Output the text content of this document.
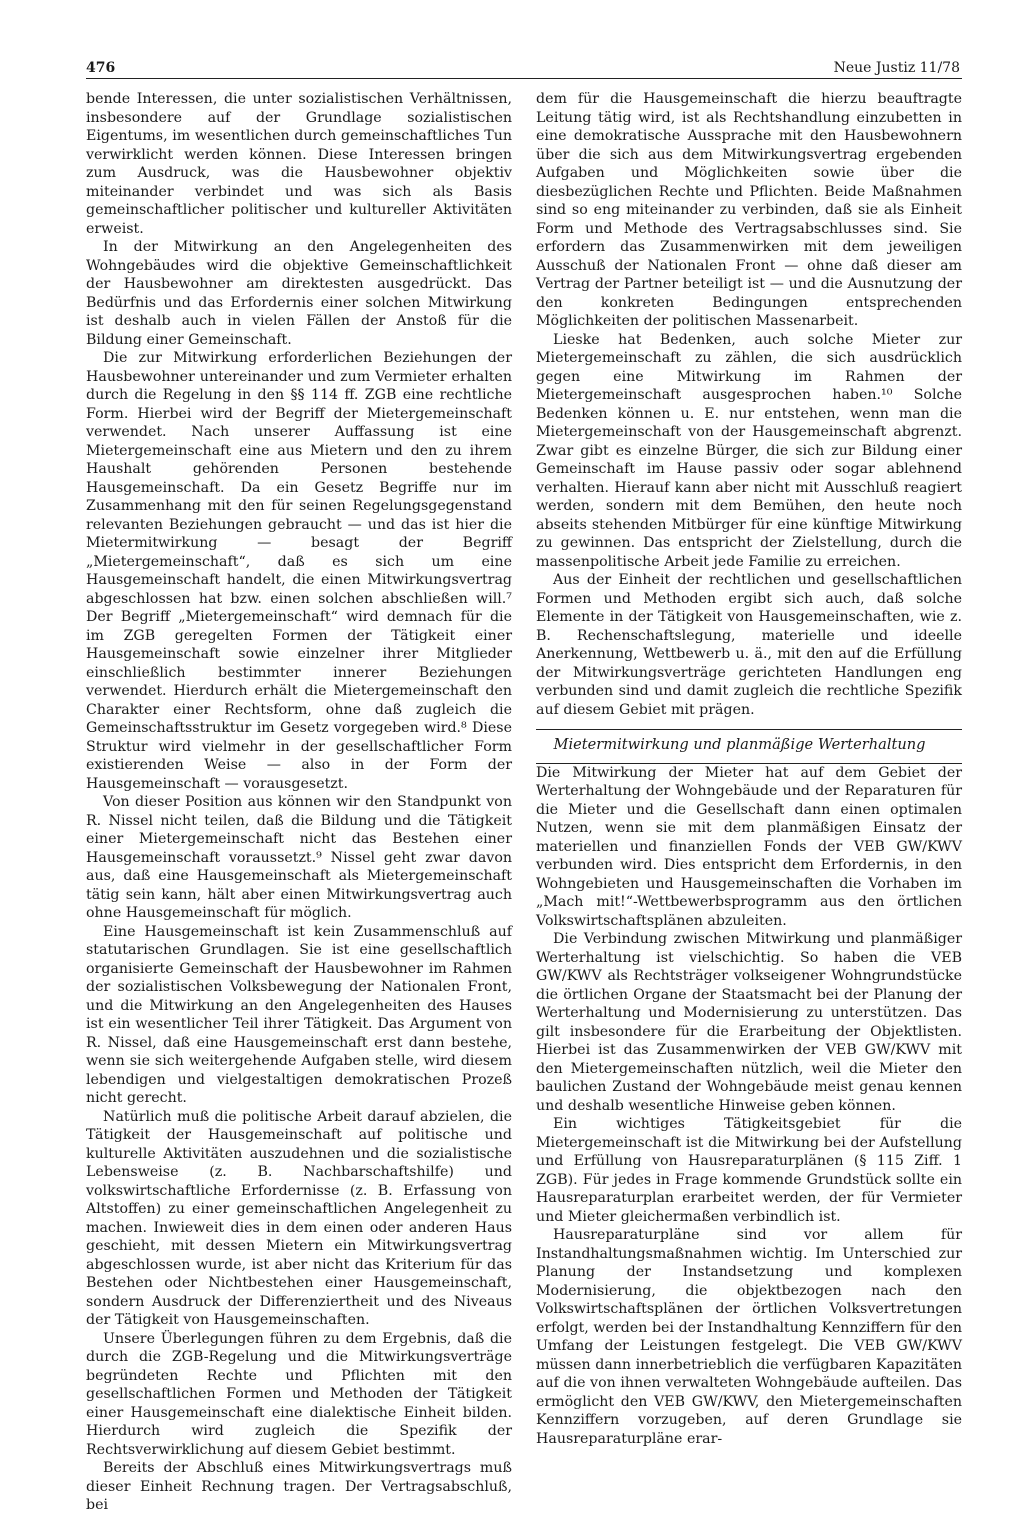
476	Neue Justiz 11/78

bende Interessen, die unter sozialistischen Verhältnissen, insbesondere auf der Grundlage sozialistischen Eigentums, im wesentlichen durch gemeinschaftliches Tun verwirklicht werden können. Diese Interessen bringen zum Ausdruck, was die Hausbewohner objektiv miteinander verbindet und was sich als Basis gemeinschaftlicher politischer und kultureller Aktivitäten erweist.

In der Mitwirkung an den Angelegenheiten des Wohngebäudes wird die objektive Gemeinschaftlichkeit der Hausbewohner am direktesten ausgedrückt. Das Bedürfnis und das Erfordernis einer solchen Mitwirkung ist deshalb auch in vielen Fällen der Anstoß für die Bildung einer Gemeinschaft.

Die zur Mitwirkung erforderlichen Beziehungen der Hausbewohner untereinander und zum Vermieter erhalten durch die Regelung in den §§ 114 ff. ZGB eine rechtliche Form. Hierbei wird der Begriff der Mietergemeinschaft verwendet. Nach unserer Auffassung ist eine Mietergemeinschaft eine aus Mietern und den zu ihrem Haushalt gehörenden Personen bestehende Hausgemeinschaft. Da ein Gesetz Begriffe nur im Zusammenhang mit den für seinen Regelungsgegenstand relevanten Beziehungen gebraucht — und das ist hier die Mietermitwirkung — besagt der Begriff „Mietergemeinschaft“, daß es sich um eine Hausgemeinschaft handelt, die einen Mitwirkungsvertrag abgeschlossen hat bzw. einen solchen abschließen will.⁷ Der Begriff „Mietergemeinschaft“ wird demnach für die im ZGB geregelten Formen der Tätigkeit einer Hausgemeinschaft sowie einzelner ihrer Mitglieder einschließlich bestimmter innerer Beziehungen verwendet. Hierdurch erhält die Mietergemeinschaft den Charakter einer Rechtsform, ohne daß zugleich die Gemeinschaftsstruktur im Gesetz vorgegeben wird.⁸ Diese Struktur wird vielmehr in der gesellschaftlicher Form existierenden Weise — also in der Form der Hausgemeinschaft — vorausgesetzt.

Von dieser Position aus können wir den Standpunkt von R. Nissel nicht teilen, daß die Bildung und die Tätigkeit einer Mietergemeinschaft nicht das Bestehen einer Hausgemeinschaft voraussetzt.⁹ Nissel geht zwar davon aus, daß eine Hausgemeinschaft als Mietergemeinschaft tätig sein kann, hält aber einen Mitwirkungsvertrag auch ohne Hausgemeinschaft für möglich.

Eine Hausgemeinschaft ist kein Zusammenschluß auf statutarischen Grundlagen. Sie ist eine gesellschaftlich organisierte Gemeinschaft der Hausbewohner im Rahmen der sozialistischen Volksbewegung der Nationalen Front, und die Mitwirkung an den Angelegenheiten des Hauses ist ein wesentlicher Teil ihrer Tätigkeit. Das Argument von R. Nissel, daß eine Hausgemeinschaft erst dann bestehe, wenn sie sich weitergehende Aufgaben stelle, wird diesem lebendigen und vielgestaltigen demokratischen Prozeß nicht gerecht.

Natürlich muß die politische Arbeit darauf abzielen, die Tätigkeit der Hausgemeinschaft auf politische und kulturelle Aktivitäten auszudehnen und die sozialistische Lebensweise (z. B. Nachbarschaftshilfe) und volkswirtschaftliche Erfordernisse (z. B. Erfassung von Altstoffen) zu einer gemeinschaftlichen Angelegenheit zu machen. Inwieweit dies in dem einen oder anderen Haus geschieht, mit dessen Mietern ein Mitwirkungsvertrag abgeschlossen wurde, ist aber nicht das Kriterium für das Bestehen oder Nichtbestehen einer Hausgemeinschaft, sondern Ausdruck der Differenziertheit und des Niveaus der Tätigkeit von Hausgemeinschaften.

Unsere Überlegungen führen zu dem Ergebnis, daß die durch die ZGB-Regelung und die Mitwirkungsverträge begründeten Rechte und Pflichten mit den gesellschaftlichen Formen und Methoden der Tätigkeit einer Hausgemeinschaft eine dialektische Einheit bilden. Hierdurch wird zugleich die Spezifik der Rechtsverwirklichung auf diesem Gebiet bestimmt.

Bereits der Abschluß eines Mitwirkungsvertrags muß dieser Einheit Rechnung tragen. Der Vertragsabschluß, bei

dem für die Hausgemeinschaft die hierzu beauftragte Leitung tätig wird, ist als Rechtshandlung einzubetten in eine demokratische Aussprache mit den Hausbewohnern über die sich aus dem Mitwirkungsvertrag ergebenden Aufgaben und Möglichkeiten sowie über die diesbezüglichen Rechte und Pflichten. Beide Maßnahmen sind so eng miteinander zu verbinden, daß sie als Einheit Form und Methode des Vertragsabschlusses sind. Sie erfordern das Zusammenwirken mit dem jeweiligen Ausschuß der Nationalen Front — ohne daß dieser am Vertrag der Partner beteiligt ist — und die Ausnutzung der den konkreten Bedingungen entsprechenden Möglichkeiten der politischen Massenarbeit.

Lieske hat Bedenken, auch solche Mieter zur Mietergemeinschaft zu zählen, die sich ausdrücklich gegen eine Mitwirkung im Rahmen der Mietergemeinschaft ausgesprochen haben.¹⁰ Solche Bedenken können u. E. nur entstehen, wenn man die Mietergemeinschaft von der Hausgemeinschaft abgrenzt. Zwar gibt es einzelne Bürger, die sich zur Bildung einer Gemeinschaft im Hause passiv oder sogar ablehnend verhalten. Hierauf kann aber nicht mit Ausschluß reagiert werden, sondern mit dem Bemühen, den heute noch abseits stehenden Mitbürger für eine künftige Mitwirkung zu gewinnen. Das entspricht der Zielstellung, durch die massenpolitische Arbeit jede Familie zu erreichen.

Aus der Einheit der rechtlichen und gesellschaftlichen Formen und Methoden ergibt sich auch, daß solche Elemente in der Tätigkeit von Hausgemeinschaften, wie z. B. Rechenschaftslegung, materielle und ideelle Anerkennung, Wettbewerb u. ä., mit den auf die Erfüllung der Mitwirkungsverträge gerichteten Handlungen eng verbunden sind und damit zugleich die rechtliche Spezifik auf diesem Gebiet mit prägen.

Mietermitwirkung und planmäßige Werterhaltung

Die Mitwirkung der Mieter hat auf dem Gebiet der Werterhaltung der Wohngebäude und der Reparaturen für die Mieter und die Gesellschaft dann einen optimalen Nutzen, wenn sie mit dem planmäßigen Einsatz der materiellen und finanziellen Fonds der VEB GW/KWV verbunden wird. Dies entspricht dem Erfordernis, in den Wohngebieten und Hausgemeinschaften die Vorhaben im „Mach mit!“-Wettbewerbsprogramm aus den örtlichen Volkswirtschaftsplänen abzuleiten.

Die Verbindung zwischen Mitwirkung und planmäßiger Werterhaltung ist vielschichtig. So haben die VEB GW/KWV als Rechtsträger volkseigener Wohngrundstücke die örtlichen Organe der Staatsmacht bei der Planung der Werterhaltung und Modernisierung zu unterstützen. Das gilt insbesondere für die Erarbeitung der Objektlisten. Hierbei ist das Zusammenwirken der VEB GW/KWV mit den Mietergemeinschaften nützlich, weil die Mieter den baulichen Zustand der Wohngebäude meist genau kennen und deshalb wesentliche Hinweise geben können.

Ein wichtiges Tätigkeitsgebiet für die Mietergemeinschaft ist die Mitwirkung bei der Aufstellung und Erfüllung von Hausreparaturplänen (§ 115 Ziff. 1 ZGB). Für jedes in Frage kommende Grundstück sollte ein Hausreparaturplan erarbeitet werden, der für Vermieter und Mieter gleichermaßen verbindlich ist.

Hausreparaturpläne sind vor allem für Instandhaltungsmaßnahmen wichtig. Im Unterschied zur Planung der Instandsetzung und komplexen Modernisierung, die objektbezogen nach den Volkswirtschaftsplänen der örtlichen Volksvertretungen erfolgt, werden bei der Instandhaltung Kennziffern für den Umfang der Leistungen festgelegt. Die VEB GW/KWV müssen dann innerbetrieblich die verfügbaren Kapazitäten auf die von ihnen verwalteten Wohngebäude aufteilen. Das ermöglicht den VEB GW/KWV, den Mietergemeinschaften Kennziffern vorzugeben, auf deren Grundlage sie Hausreparaturpläne erar-
